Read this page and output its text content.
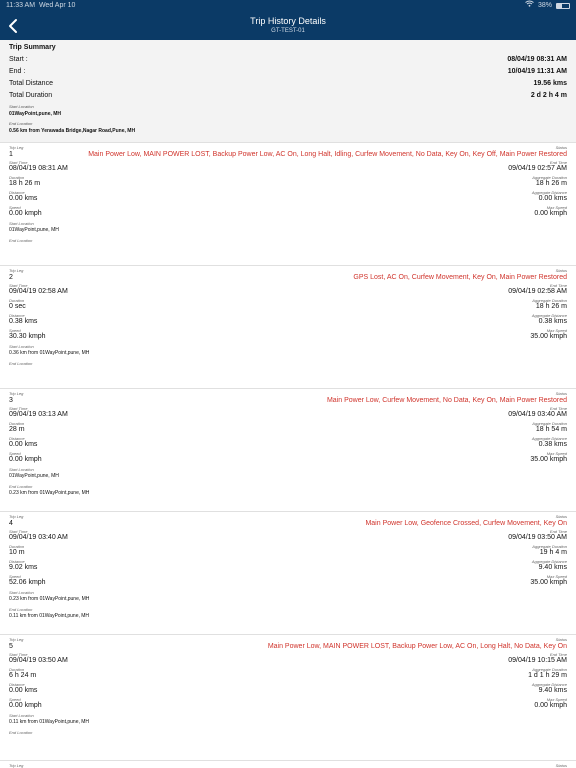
11:33 AM Wed Apr 10	38%
Trip History Details
GT-TEST-01
Trip Summary
Start :	08/04/19 08:31 AM
End :	10/04/19 11:31 AM
Total Distance	19.56 kms
Total Duration	2 d 2 h 4 m
Start Location
01WayPoint,pune, MH
End Location
0.56 km from Yerawada Bridge,Nagar Road,Pune, MH
Trip Leg
1
Status
Main Power Low, MAIN POWER LOST, Backup Power Low, AC On, Long Halt, Idling, Curfew Movement, No Data, Key On, Key Off, Main Power Restored
Start Time
08/04/19 08:31 AM
End Time
09/04/19 02:57 AM
Duration
18 h 26 m
Aggregate Duration
18 h 26 m
Distance
0.00 kms
Aggregate Distance
0.00 kms
Speed
0.00 kmph
Max Speed
0.00 kmph
Start Location
01WayPoint,pune, MH
End Location
Trip Leg
2
Status
GPS Lost, AC On, Curfew Movement, Key On, Main Power Restored
Start Time
09/04/19 02:58 AM
End Time
09/04/19 02:58 AM
Duration
0 sec
Aggregate Duration
18 h 26 m
Distance
0.38 kms
Aggregate Distance
0.38 kms
Speed
30.30 kmph
Max Speed
35.00 kmph
Start Location
0.36 km from 01WayPoint,pune, MH
End Location
Trip Leg
3
Status
Main Power Low, Curfew Movement, No Data, Key On, Main Power Restored
Start Time
09/04/19 03:13 AM
End Time
09/04/19 03:40 AM
Duration
28 m
Aggregate Duration
18 h 54 m
Distance
0.00 kms
Aggregate Distance
0.38 kms
Speed
0.00 kmph
Max Speed
35.00 kmph
Start Location
01WayPoint,pune, MH
End Location
0.23 km from 01WayPoint,pune, MH
Trip Leg
4
Status
Main Power Low, Geofence Crossed, Curfew Movement, Key On
Start Time
09/04/19 03:40 AM
End Time
09/04/19 03:50 AM
Duration
10 m
Aggregate Duration
19 h 4 m
Distance
9.02 kms
Aggregate Distance
9.40 kms
Speed
52.06 kmph
Max Speed
35.00 kmph
Start Location
0.23 km from 01WayPoint,pune, MH
End Location
0.11 km from 01WayPoint,pune, MH
Trip Leg
5
Status
Main Power Low, MAIN POWER LOST, Backup Power Low, AC On, Long Halt, No Data, Key On
Start Time
09/04/19 03:50 AM
End Time
09/04/19 10:15 AM
Duration
6 h 24 m
Aggregate Duration
1 d 1 h 29 m
Distance
0.00 kms
Aggregate Distance
9.40 kms
Speed
0.00 kmph
Max Speed
0.00 kmph
Start Location
0.11 km from 01WayPoint,pune, MH
End Location
Trip Leg	Status
